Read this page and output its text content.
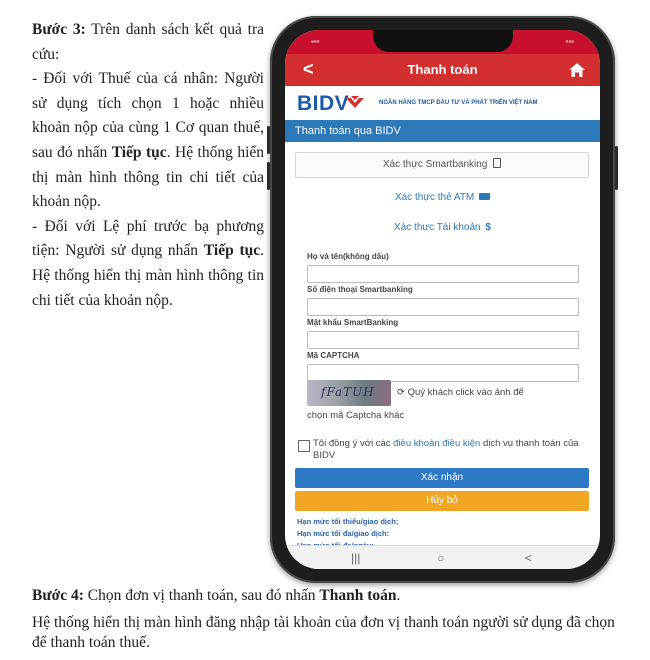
Bước 3: Trên danh sách kết quả tra cứu:

- Đối với Thuế của cá nhân: Người sử dụng tích chọn 1 hoặc nhiều khoản nộp của cùng 1 Cơ quan thuế, sau đó nhấn Tiếp tục. Hệ thống hiển thị màn hình thông tin chi tiết của khoản nộp.

- Đối với Lệ phí trước bạ phương tiện: Người sử dụng nhấn Tiếp tục. Hệ thống hiển thị màn hình thông tin chi tiết của khoản nộp.

▪▪▪	▪▪▪
<	Thanh toán
BIDV	NGÂN HÀNG TMCP ĐẦU TƯ VÀ PHÁT TRIỂN VIỆT NAM
Thanh toán qua BIDV
Xác thực Smartbanking
Xác thực thẻ ATM
Xác thực Tài khoản $
Họ và tên(không dấu)
Số điện thoại Smartbanking
Mật khẩu SmartBanking
Mã CAPTCHA
fFaTUH ⟳ Quý khách click vào ảnh để
chọn mã Captcha khác
Tôi đồng ý với các điều khoản điều kiện dịch vụ thanh toán của BIDV
Xác nhận
Hủy bỏ
Hạn mức tối thiểu/giao dịch:
Hạn mức tối đa/giao dịch:
|||	○	<

Bước 4: Chọn đơn vị thanh toán, sau đó nhấn Thanh toán.

Hệ thống hiển thị màn hình đăng nhập tài khoản của đơn vị thanh toán người sử dụng đã chọn để thanh toán thuế.
